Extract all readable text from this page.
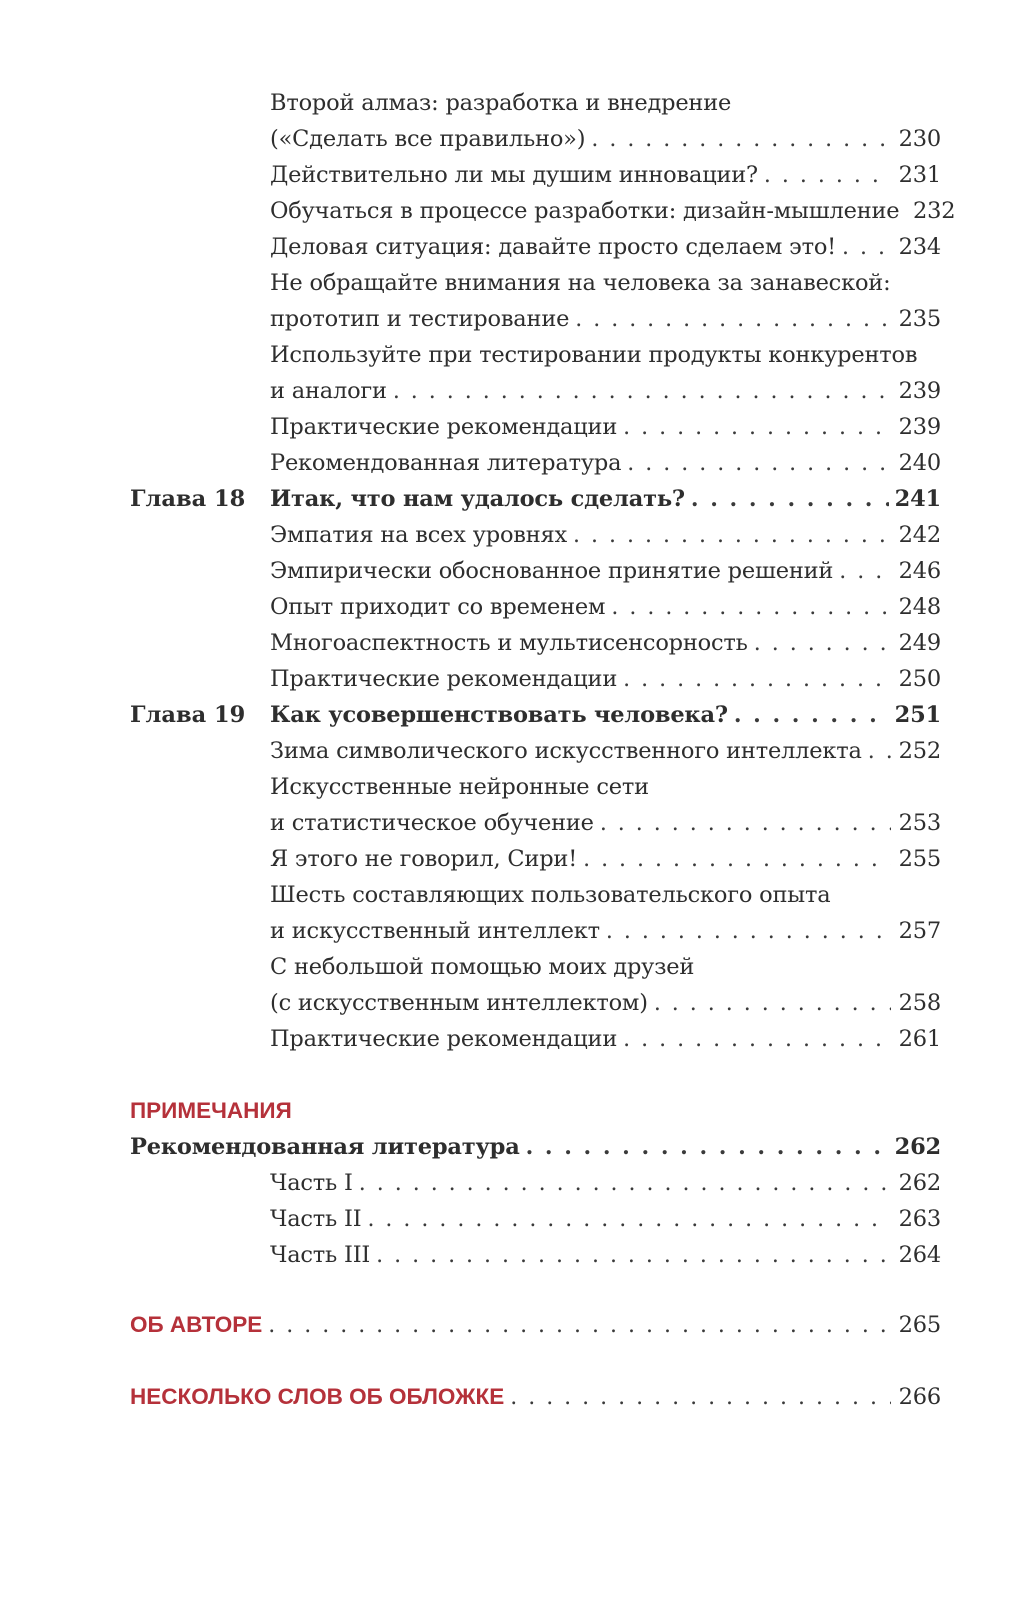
Второй алмаз: разработка и внедрение
(«Сделать все правильно») . . .	230
Действительно ли мы душим инновации? . . .	231
Обучаться в процессе разработки: дизайн-мышление 232
Деловая ситуация: давайте просто сделаем это! . . .	234
Не обращайте внимания на человека за занавеской:
прототип и тестирование . . .	235
Используйте при тестировании продукты конкурентов
и аналоги . . .	239
Практические рекомендации . . .	239
Рекомендованная литература . . .	240
Глава 18 Итак, что нам удалось сделать? . . .	241
Эмпатия на всех уровнях . . .	242
Эмпирически обоснованное принятие решений . . .	246
Опыт приходит со временем . . .	248
Многоаспектность и мультисенсорность . . .	249
Практические рекомендации . . .	250
Глава 19 Как усовершенствовать человека? . . .	251
Зима символического искусственного интеллекта . . . 252
Искусственные нейронные сети
и статистическое обучение . . .	253
Я этого не говорил, Сири! . . .	255
Шесть составляющих пользовательского опыта
и искусственный интеллект . . .	257
С небольшой помощью моих друзей
(с искусственным интеллектом) . . .	258
Практические рекомендации . . .	261
ПРИМЕЧАНИЯ
Рекомендованная литература . . .	262
Часть I . . .	262
Часть II . . .	263
Часть III . . .	264
ОБ АВТОРЕ . . .	265
НЕСКОЛЬКО СЛОВ ОБ ОБЛОЖКЕ . . .	266
